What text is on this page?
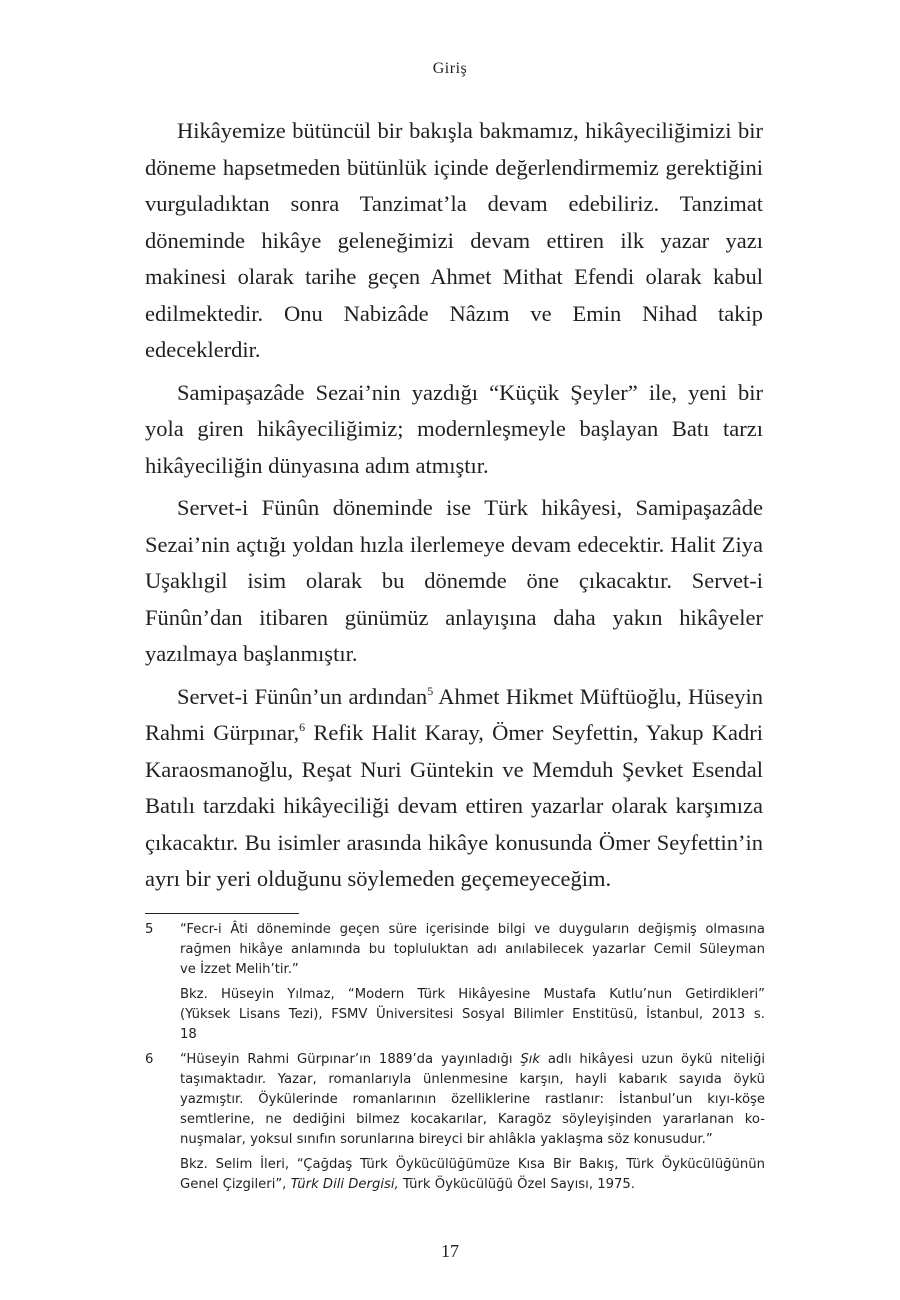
Giriş

Hikâyemize bütüncül bir bakışla bakmamız, hikâyeciliğimizi bir döneme hapsetmeden bütünlük içinde değerlendirmemiz gerektiğini vurguladıktan sonra Tanzimat’la devam edebiliriz. Tanzimat döneminde hikâye geleneğimizi devam ettiren ilk yazar yazı makinesi olarak tarihe geçen Ahmet Mithat Efendi olarak kabul edilmektedir. Onu Nabizâde Nâzım ve Emin Nihad takip edeceklerdir.

Samipaşazâde Sezai’nin yazdığı “Küçük Şeyler” ile, yeni bir yola giren hikâyeciliğimiz; modernleşmeyle başlayan Batı tarzı hikâyeciliğin dünyasına adım atmıştır.

Servet-i Fünûn döneminde ise Türk hikâyesi, Samipaşazâde Sezai’nin açtığı yoldan hızla ilerlemeye devam edecektir. Halit Ziya Uşaklıgil isim olarak bu dönemde öne çıkacaktır. Servet-i Fünûn’dan itibaren günümüz anlayışına daha yakın hikâyeler yazılmaya başlanmıştır.

Servet-i Fünûn’un ardından$^5$ Ahmet Hikmet Müftüoğlu, Hüseyin Rahmi Gürpınar,$^6$ Refik Halit Karay, Ömer Seyfettin, Yakup Kadri Karaosmanoğlu, Reşat Nuri Güntekin ve Memduh Şevket Esendal Batılı tarzdaki hikâyeciliği devam ettiren yazarlar olarak karşımıza çıkacaktır. Bu isimler arasında hikâye konusunda Ömer Seyfettin’in ayrı bir yeri olduğunu söylemeden geçemeyeceğim.

5 “Fecr-i Âti döneminde geçen süre içerisinde bilgi ve duyguların değişmiş olmasına
rağmen hikâye anlamında bu topluluktan adı anılabilecek yazarlar Cemil Süleyman
ve İzzet Melih’tir.”
Bkz. Hüseyin Yılmaz, “Modern Türk Hikâyesine Mustafa Kutlu’nun Getirdikleri”
(Yüksek Lisans Tezi), FSMV Üniversitesi Sosyal Bilimler Enstitüsü, İstanbul, 2013 s.
18
6 “Hüseyin Rahmi Gürpınar’ın 1889’da yayınladığı Şık adlı hikâyesi uzun öykü niteliği
taşımaktadır. Yazar, romanlarıyla ünlenmesine karşın, hayli kabarık sayıda öykü
yazmıştır. Öykülerinde romanlarının özelliklerine rastlanır: İstanbul’un kıyı-köşe
semtlerine, ne dediğini bilmez kocakarılar, Karagöz söyleyişinden yararlanan ko-
nuşmalar, yoksul sınıfın sorunlarına bireyci bir ahlâkla yaklaşma söz konusudur.”
Bkz. Selim İleri, “Çağdaş Türk Öykücülüğümüze Kısa Bir Bakış, Türk Öykücülüğünün
Genel Çizgileri”, Türk Dili Dergisi, Türk Öykücülüğü Özel Sayısı, 1975.
17
